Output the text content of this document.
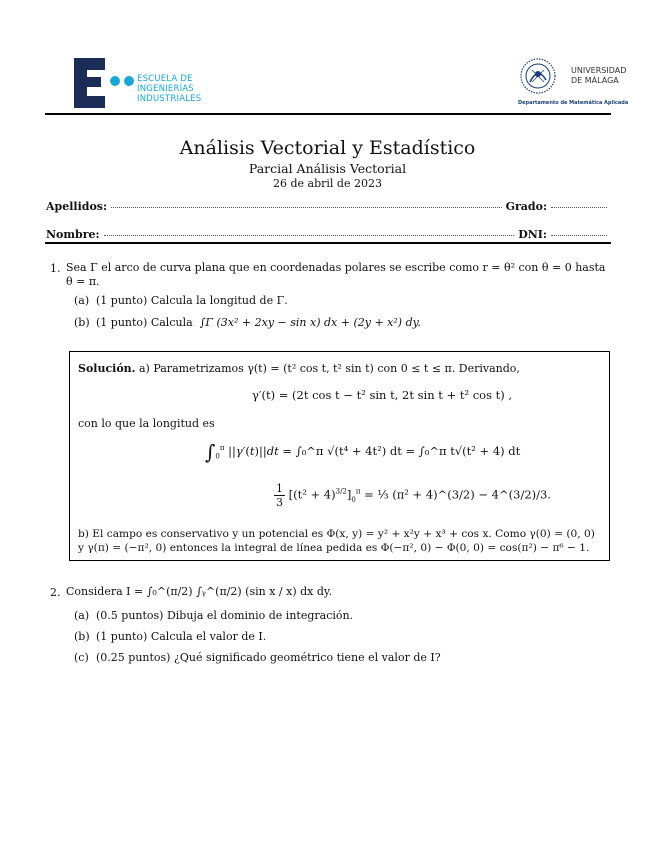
ESCUELA DE
INGENIERÍAS
INDUSTRIALES
UNIVERSIDAD
DE MÁLAGA
Departamento de Matemática Aplicada
Análisis Vectorial y Estadístico
Parcial Análisis Vectorial
26 de abril de 2023
Apellidos:	Grado:
Nombre:	DNI:
1. Sea Γ el arco de curva plana que en coordenadas polares se escribe como r = θ² con θ = 0 hasta
θ = π.
(a) (1 punto) Calcula la longitud de Γ.
(b) (1 punto) Calcula ∫Γ (3x² + 2xy − sin x) dx + (2y + x²) dy.
Solución. a) Parametrizamos γ(t) = (t² cos t, t² sin t) con 0 ≤ t ≤ π. Derivando,
γ′(t) = (2t cos t − t² sin t, 2t sin t + t² cos t) ,
con lo que la longitud es
$\int_0^\pi$ ||γ′(t)||dt = ∫₀^π √(t⁴ + 4t²) dt = ∫₀^π t√(t² + 4) dt
$\frac{1}{3} [(t^2 + 4)^{3/2}]_0^\pi$ = ⅓ (π² + 4)^(3/2) − 4^(3/2)/3.
b) El campo es conservativo y un potencial es Φ(x, y) = y² + x²y + x³ + cos x. Como γ(0) = (0, 0)
y γ(π) = (−π², 0) entonces la integral de línea pedida es Φ(−π², 0) − Φ(0, 0) = cos(π²) − π⁶ − 1.
2. Considera I = ∫₀^(π/2) ∫ᵧ^(π/2) (sin x / x) dx dy.
(a) (0.5 puntos) Dibuja el dominio de integración.
(b) (1 punto) Calcula el valor de I.
(c) (0.25 puntos) ¿Qué significado geométrico tiene el valor de I?
